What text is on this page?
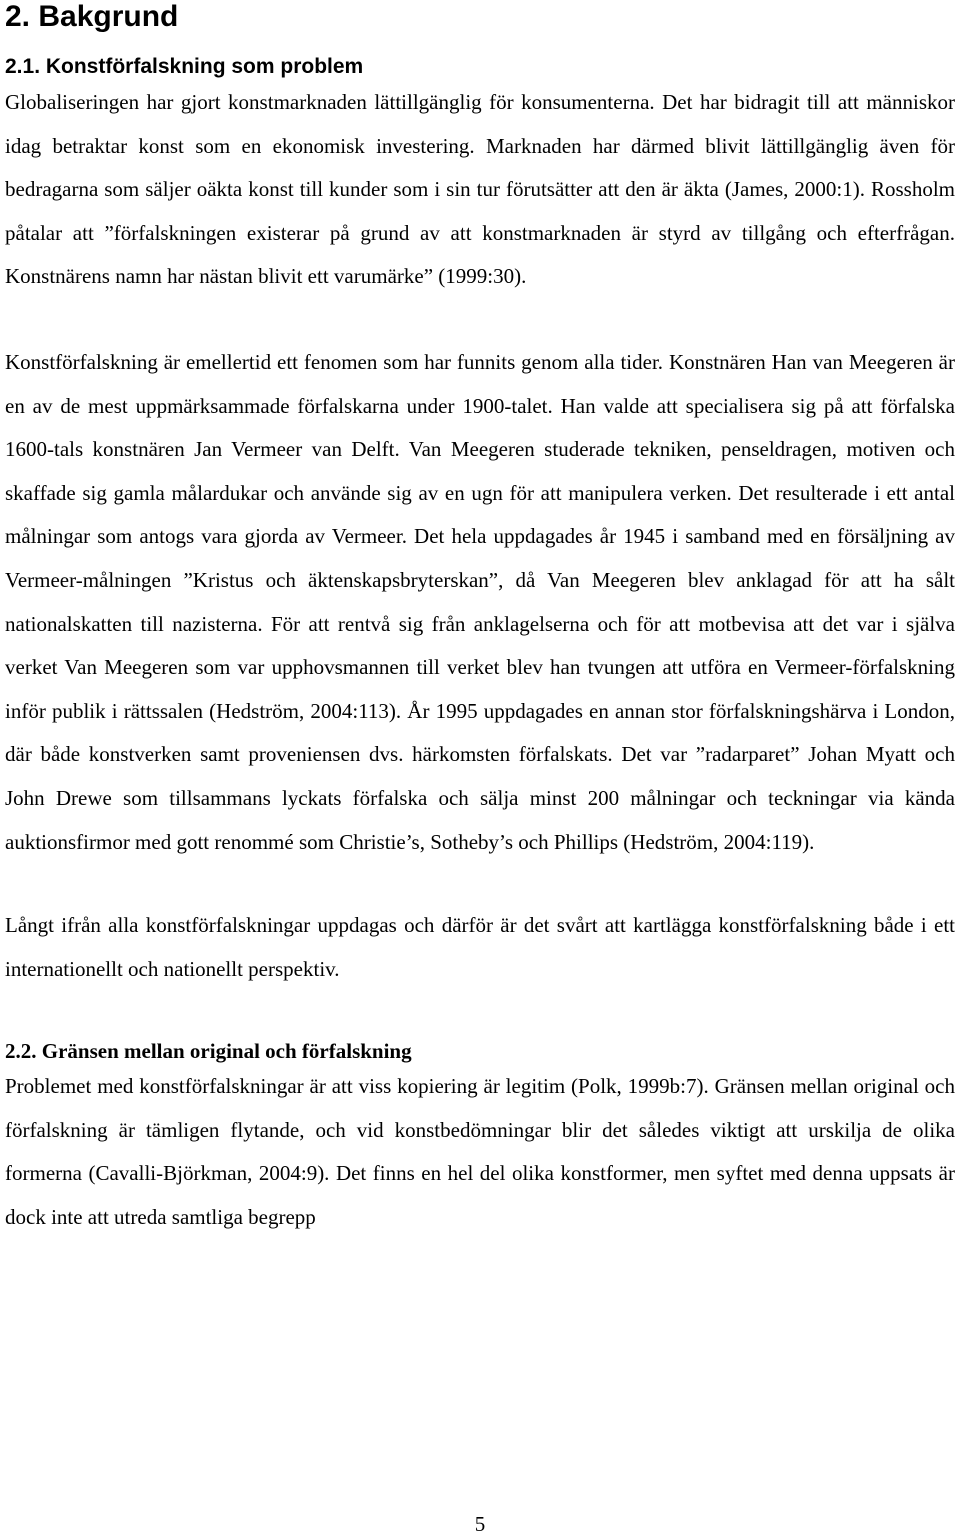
2. Bakgrund
2.1. Konstförfalskning som problem

Globaliseringen har gjort konstmarknaden lättillgänglig för konsumenterna. Det har bidragit till att människor idag betraktar konst som en ekonomisk investering. Marknaden har därmed blivit lättillgänglig även för bedragarna som säljer oäkta konst till kunder som i sin tur förutsätter att den är äkta (James, 2000:1). Rossholm påtalar att ”förfalskningen existerar på grund av att konstmarknaden är styrd av tillgång och efterfrågan. Konstnärens namn har nästan blivit ett varumärke” (1999:30).

Konstförfalskning är emellertid ett fenomen som har funnits genom alla tider. Konstnären Han van Meegeren är en av de mest uppmärksammade förfalskarna under 1900-talet. Han valde att specialisera sig på att förfalska 1600-tals konstnären Jan Vermeer van Delft. Van Meegeren studerade tekniken, penseldragen, motiven och skaffade sig gamla målardukar och använde sig av en ugn för att manipulera verken. Det resulterade i ett antal målningar som antogs vara gjorda av Vermeer. Det hela uppdagades år 1945 i samband med en försäljning av Vermeer-målningen ”Kristus och äktenskapsbryterskan”, då Van Meegeren blev anklagad för att ha sålt nationalskatten till nazisterna. För att rentvå sig från anklagelserna och för att motbevisa att det var i själva verket Van Meegeren som var upphovsmannen till verket blev han tvungen att utföra en Vermeer-förfalskning inför publik i rättssalen (Hedström, 2004:113). År 1995 uppdagades en annan stor förfalskningshärva i London, där både konstverken samt proveniensen dvs. härkomsten förfalskats. Det var ”radarparet” Johan Myatt och John Drewe som tillsammans lyckats förfalska och sälja minst 200 målningar och teckningar via kända auktionsfirmor med gott renommé som Christie’s, Sotheby’s och Phillips (Hedström, 2004:119).

Långt ifrån alla konstförfalskningar uppdagas och därför är det svårt att kartlägga konstförfalskning både i ett internationellt och nationellt perspektiv.

2.2. Gränsen mellan original och förfalskning

Problemet med konstförfalskningar är att viss kopiering är legitim (Polk, 1999b:7). Gränsen mellan original och förfalskning är tämligen flytande, och vid konstbedömningar blir det således viktigt att urskilja de olika formerna (Cavalli-Björkman, 2004:9). Det finns en hel del olika konstformer, men syftet med denna uppsats är dock inte att utreda samtliga begrepp

5
